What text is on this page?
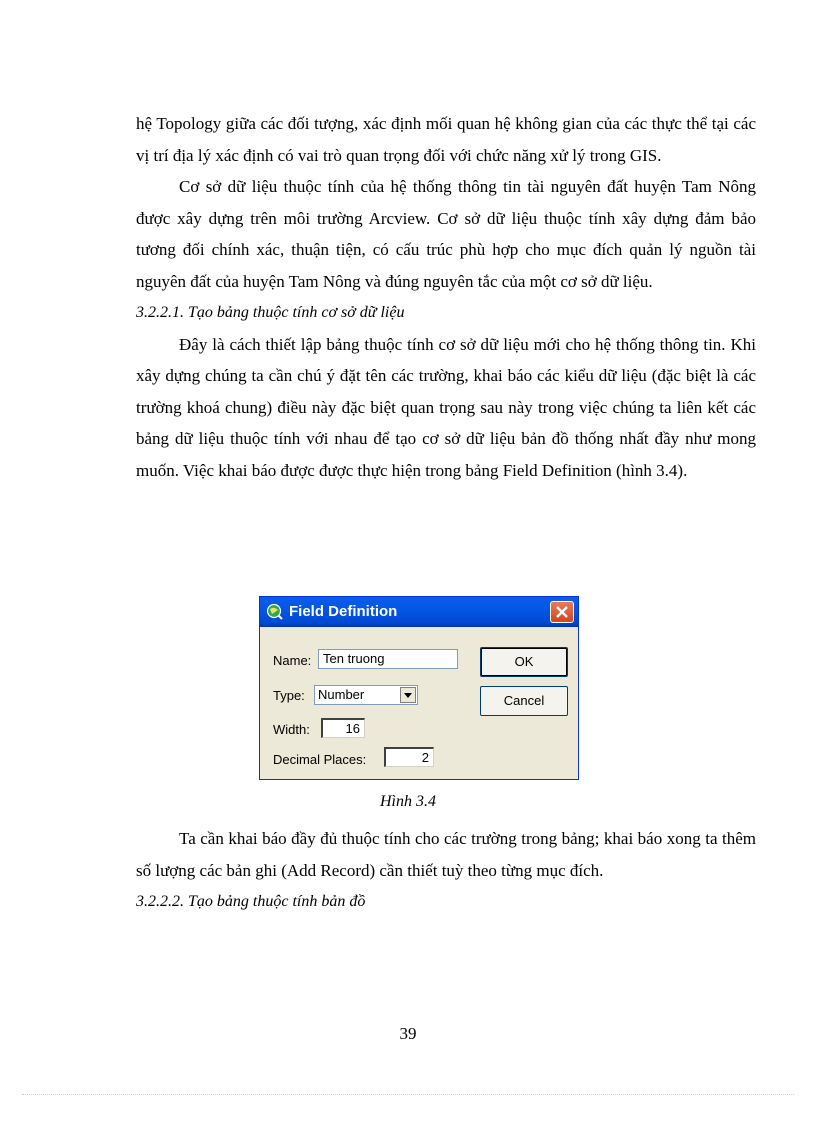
hệ Topology giữa các đối tượng, xác định mối quan hệ không gian của các thực thể tại các vị trí địa lý xác định có vai trò quan trọng đối với chức năng xử lý trong GIS.

Cơ sở dữ liệu thuộc tính của hệ thống thông tin tài nguyên đất huyện Tam Nông được xây dựng trên môi trường Arcview. Cơ sở dữ liệu thuộc tính xây dựng đảm bảo tương đối chính xác, thuận tiện, có cấu trúc phù hợp cho mục đích quản lý nguồn tài nguyên đất của huyện Tam Nông và đúng nguyên tắc của một cơ sở dữ liệu.

3.2.2.1. Tạo bảng thuộc tính cơ sở dữ liệu

Đây là cách thiết lập bảng thuộc tính cơ sở dữ liệu mới cho hệ thống thông tin. Khi xây dựng chúng ta cần chú ý đặt tên các trường, khai báo các kiểu dữ liệu (đặc biệt là các trường khoá chung) điều này đặc biệt quan trọng sau này trong việc chúng ta liên kết các bảng dữ liệu thuộc tính với nhau để tạo cơ sở dữ liệu bản đồ thống nhất đầy như mong muốn. Việc khai báo được được thực hiện trong bảng Field Definition (hình 3.4).

Field Definition
Name: Ten truong
Type:	Number
Width:	16
Decimal Places:	2
OK
Cancel
Hình 3.4

Ta cần khai báo đầy đủ thuộc tính cho các trường trong bảng; khai báo xong ta thêm số lượng các bản ghi (Add Record) cần thiết tuỳ theo từng mục đích.

3.2.2.2. Tạo bảng thuộc tính bản đồ

39
